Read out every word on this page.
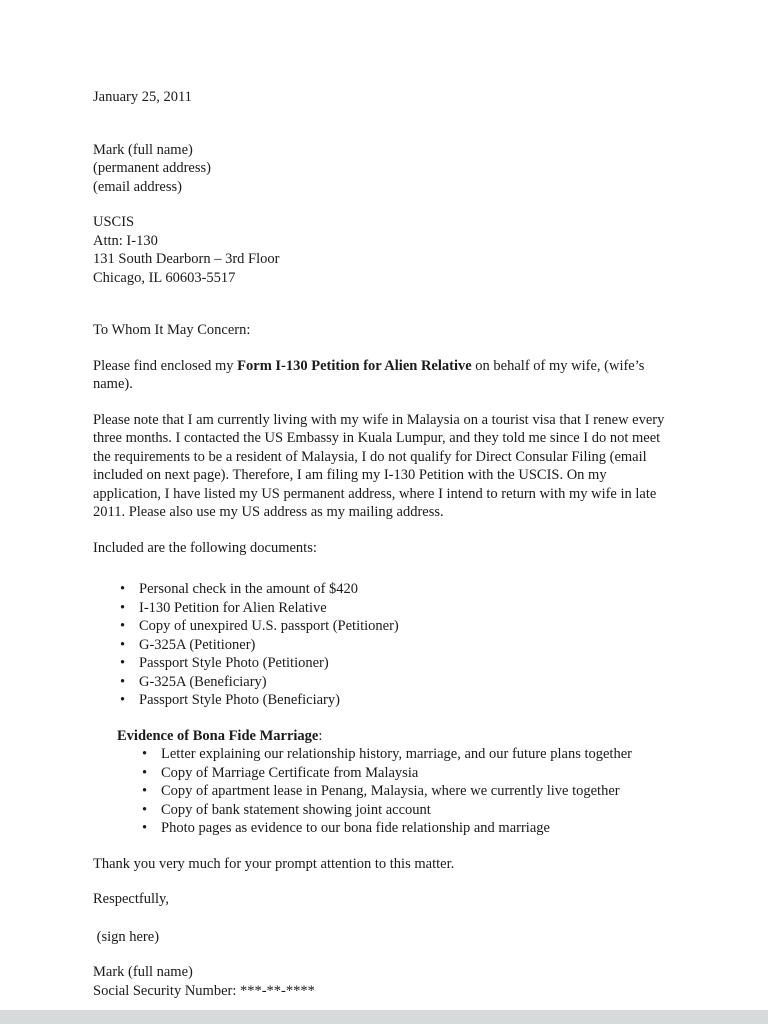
January 25, 2011

Mark (full name)
(permanent address)
(email address)
USCIS
Attn: I-130
131 South Dearborn – 3rd Floor
Chicago, IL 60603-5517

To Whom It May Concern:

Please find enclosed my Form I-130 Petition for Alien Relative on behalf of my wife, (wife’s name).

Please note that I am currently living with my wife in Malaysia on a tourist visa that I renew every three months. I contacted the US Embassy in Kuala Lumpur, and they told me since I do not meet the requirements to be a resident of Malaysia, I do not qualify for Direct Consular Filing (email included on next page). Therefore, I am filing my I-130 Petition with the USCIS. On my application, I have listed my US permanent address, where I intend to return with my wife in late 2011. Please also use my US address as my mailing address.

Included are the following documents:

• Personal check in the amount of $420
• I-130 Petition for Alien Relative
• Copy of unexpired U.S. passport (Petitioner)
• G-325A (Petitioner)
• Passport Style Photo (Petitioner)
• G-325A (Beneficiary)
• Passport Style Photo (Beneficiary)

Evidence of Bona Fide Marriage:

• Letter explaining our relationship history, marriage, and our future plans together
• Copy of Marriage Certificate from Malaysia
• Copy of apartment lease in Penang, Malaysia, where we currently live together
• Copy of bank statement showing joint account
• Photo pages as evidence to our bona fide relationship and marriage

Thank you very much for your prompt attention to this matter.

Respectfully,

(sign here)

Mark (full name)

Social Security Number: ***-**-****
